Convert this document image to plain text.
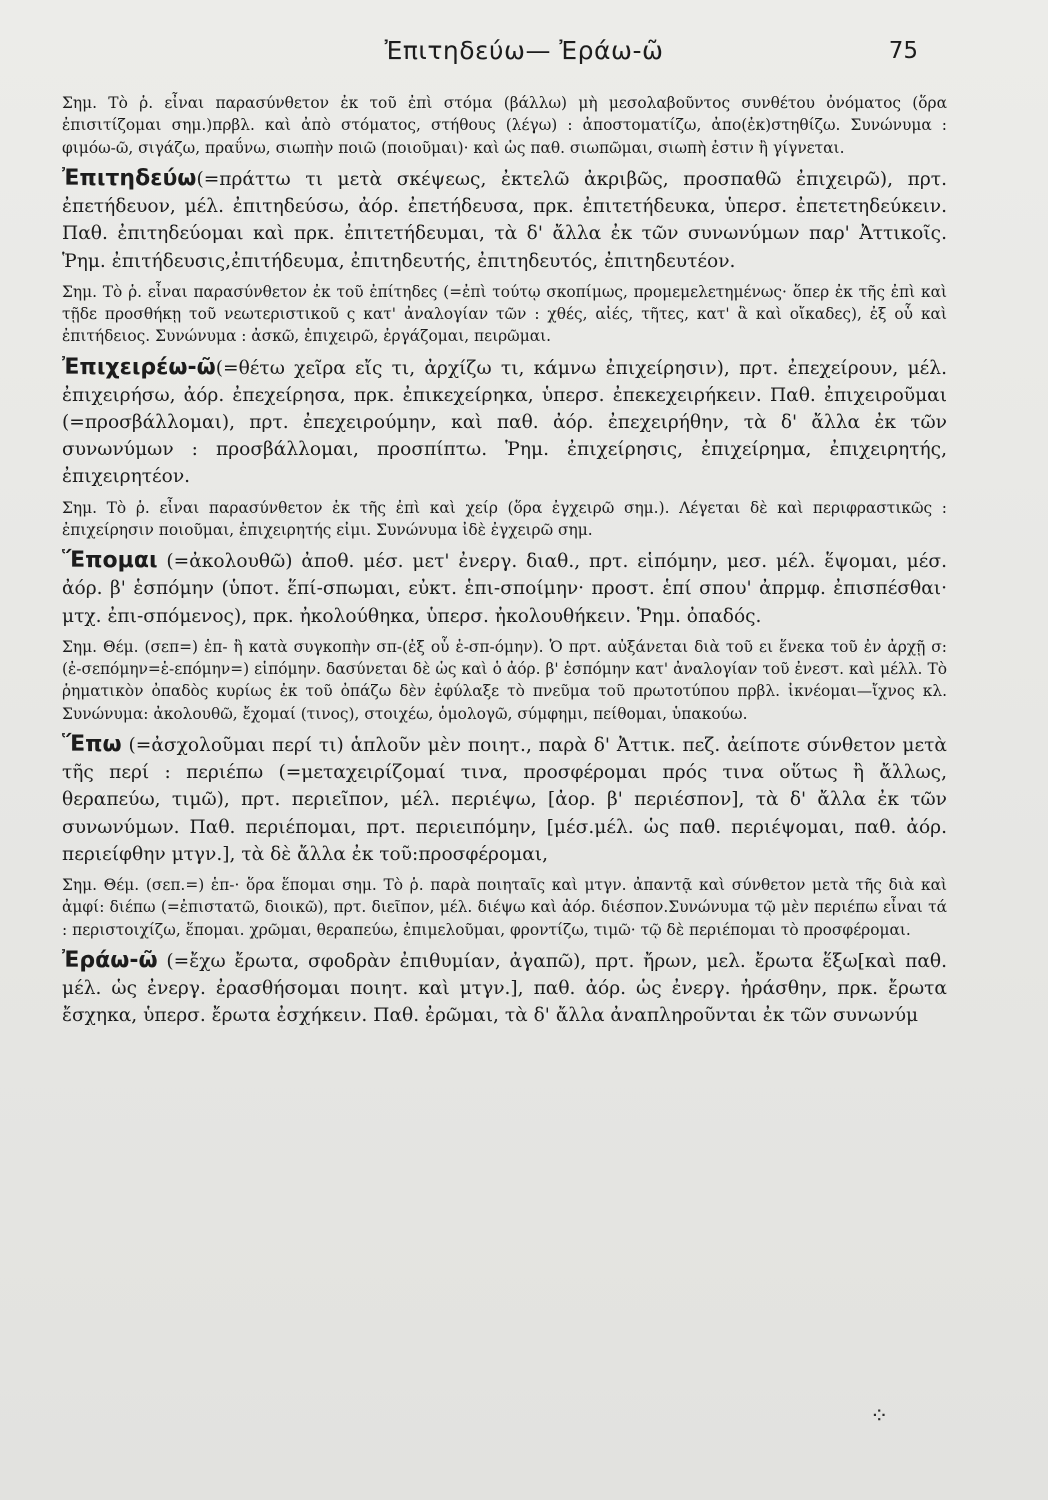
Ἐπιτηδεύω— Ἐράω-ῶ	75

Σημ. Τὸ ῥ. εἶναι παρασύνθετον ἐκ τοῦ ἐπὶ στόμα (βάλλω) μὴ μεσολαβοῦντος συνθέτου ὀνόματος (ὅρα ἐπισιτίζομαι σημ.)πρβλ. καὶ ἀπὸ στόματος, στήθους (λέγω) : ἀποστοματίζω, ἀπο(ἐκ)στηθίζω. Συνώνυμα : φιμόω-ῶ, σιγάζω, πραΰνω, σιωπὴν ποιῶ (ποιοῦμαι)· καὶ ὡς παθ. σιωπῶμαι, σιωπὴ ἐστιν ἢ γίγνεται.

Ἐπιτηδεύω(=πράττω τι μετὰ σκέψεως, ἐκτελῶ ἀκριβῶς, προσπαθῶ ἐπιχειρῶ), πρτ. ἐπετήδευον, μέλ. ἐπιτηδεύσω, ἀόρ. ἐπετήδευσα, πρκ. ἐπιτετήδευκα, ὑπερσ. ἐπετετηδεύκειν. Παθ. ἐπιτηδεύομαι καὶ πρκ. ἐπιτετήδευμαι, τὰ δ' ἄλλα ἐκ τῶν συνωνύμων παρ' Ἀττικοῖς. Ῥημ. ἐπιτήδευσις,ἐπιτήδευμα, ἐπιτηδευτής, ἐπιτηδευτός, ἐπιτηδευτέον.

Σημ. Τὸ ῥ. εἶναι παρασύνθετον ἐκ τοῦ ἐπίτηδες (=ἐπὶ τούτῳ σκοπίμως, προμεμελετημένως· ὅπερ ἐκ τῆς ἐπὶ καὶ τῇδε προσθήκῃ τοῦ νεωτεριστικοῦ ς κατ' ἀναλογίαν τῶν : χθές, αἰές, τῆτες, κατ' ἃ καὶ οἴκαδες), ἐξ οὗ καὶ ἐπιτήδειος. Συνώνυμα : ἀσκῶ, ἐπιχειρῶ, ἐργάζομαι, πειρῶμαι.

Ἐπιχειρέω-ῶ(=θέτω χεῖρα εἴς τι, ἀρχίζω τι, κάμνω ἐπιχείρησιν), πρτ. ἐπεχείρουν, μέλ. ἐπιχειρήσω, ἀόρ. ἐπεχείρησα, πρκ. ἐπικεχείρηκα, ὑπερσ. ἐπεκεχειρήκειν. Παθ. ἐπιχειροῦμαι (=προσβάλλομαι), πρτ. ἐπεχειρούμην, καὶ παθ. ἀόρ. ἐπεχειρήθην, τὰ δ' ἄλλα ἐκ τῶν συνωνύμων : προσβάλλομαι, προσπίπτω. Ῥημ. ἐπιχείρησις, ἐπιχείρημα, ἐπιχειρητής, ἐπιχειρητέον.

Σημ. Τὸ ῥ. εἶναι παρασύνθετον ἐκ τῆς ἐπὶ καὶ χείρ (ὅρα ἐγχειρῶ σημ.). Λέγεται δὲ καὶ περιφραστικῶς : ἐπιχείρησιν ποιοῦμαι, ἐπιχειρητής εἰμι. Συνώνυμα ἰδὲ ἐγχειρῶ σημ.

Ἕπομαι (=ἀκολουθῶ) ἀποθ. μέσ. μετ' ἐνεργ. διαθ., πρτ. εἱπόμην, μεσ. μέλ. ἕψομαι, μέσ. ἀόρ. β' ἑσπόμην (ὑποτ. ἕπί-σπωμαι, εὐκτ. ἑπι-σποίμην· προστ. ἑπί σπου' ἀπρμφ. ἐπισπέσθαι· μτχ. ἐπι-σπόμενος), πρκ. ἠκολούθηκα, ὑπερσ. ἠκολουθήκειν. Ῥημ. ὀπαδός.

Σημ. Θέμ. (σεπ=) ἑπ- ἢ κατὰ συγκοπὴν σπ-(ἐξ οὗ ἑ-σπ-όμην). Ὁ πρτ. αὐξάνεται διὰ τοῦ ει ἕνεκα τοῦ ἐν ἀρχῇ σ: (ἐ-σεπόμην=ἑ-επόμην=) εἱπόμην. δασύνεται δὲ ὡς καὶ ὁ ἀόρ. β' ἑσπόμην κατ' ἀναλογίαν τοῦ ἐνεστ. καὶ μέλλ. Τὸ ῥηματικὸν ὀπαδὸς κυρίως ἐκ τοῦ ὀπάζω δὲν ἐφύλαξε τὸ πνεῦμα τοῦ πρωτοτύπου πρβλ. ἰκνέομαι—ἴχνος κλ. Συνώνυμα: ἀκολουθῶ, ἔχομαί (τινος), στοιχέω, ὁμολογῶ, σύμφημι, πείθομαι, ὑπακούω.

Ἕπω (=ἀσχολοῦμαι περί τι) ἁπλοῦν μὲν ποιητ., παρὰ δ' Ἀττικ. πεζ. ἀείποτε σύνθετον μετὰ τῆς περί : περιέπω (=μεταχειρίζομαί τινα, προσφέρομαι πρός τινα οὕτως ἢ ἄλλως, θεραπεύω, τιμῶ), πρτ. περιεῖπον, μέλ. περιέψω, [ἀορ. β' περιέσπον], τὰ δ' ἄλλα ἐκ τῶν συνωνύμων. Παθ. περιέπομαι, πρτ. περιειπόμην, [μέσ.μέλ. ὡς παθ. περιέψομαι, παθ. ἀόρ. περιείφθην μτγν.], τὰ δὲ ἄλλα ἐκ τοῦ:προσφέρομαι,

Σημ. Θέμ. (σεπ.=) ἑπ-· ὅρα ἕπομαι σημ. Τὸ ῥ. παρὰ ποιηταῖς καὶ μτγν. ἀπαντᾷ καὶ σύνθετον μετὰ τῆς διὰ καὶ ἀμφί: διέπω (=ἐπιστατῶ, διοικῶ), πρτ. διεῖπον, μέλ. διέψω καὶ ἀόρ. διέσπον.Συνώνυμα τῷ μὲν περιέπω εἶναι τά : περιστοιχίζω, ἕπομαι. χρῶμαι, θεραπεύω, ἐπιμελοῦμαι, φροντίζω, τιμῶ· τῷ δὲ περιέπομαι τὸ προσφέρομαι.

Ἐράω-ῶ (=ἔχω ἔρωτα, σφοδρὰν ἐπιθυμίαν, ἀγαπῶ), πρτ. ἤρων, μελ. ἔρωτα ἕξω[καὶ παθ. μέλ. ὡς ἐνεργ. ἐρασθήσομαι ποιητ. καὶ μτγν.], παθ. ἀόρ. ὡς ἐνεργ. ἠράσθην, πρκ. ἔρωτα ἔσχηκα, ὑπερσ. ἔρωτα ἐσχήκειν. Παθ. ἐρῶμαι, τὰ δ' ἄλλα ἀναπληροῦνται ἐκ τῶν συνωνύμ

⁘
